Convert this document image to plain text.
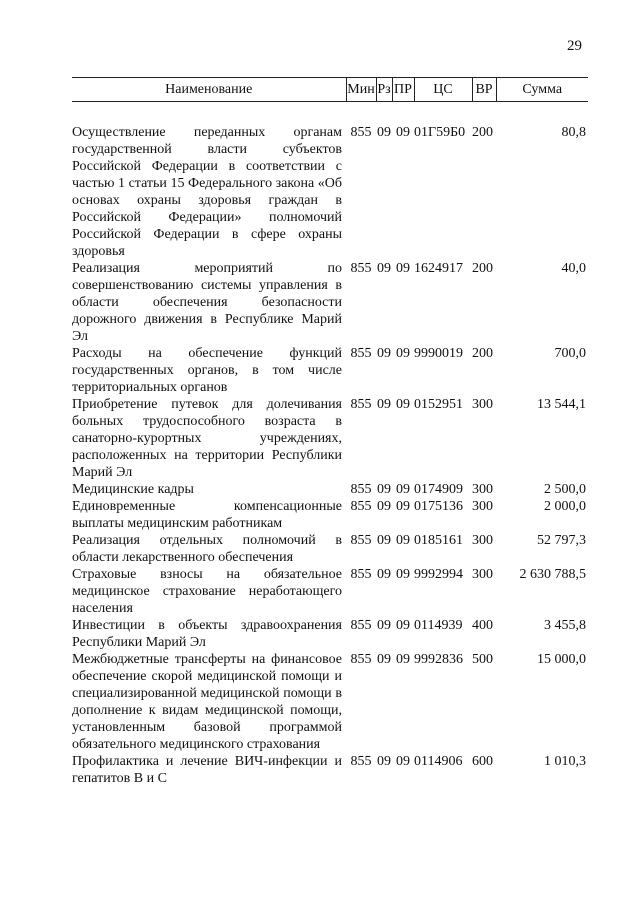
29
Наименование	Мин	Рз	ПР	ЦС	ВР	Сумма

Осуществление переданных органам государственной власти субъектов Российской Федерации в соответствии с частью 1 статьи 15 Федерального закона «Об основах охраны здоровья граждан в Российской Федерации» полномочий Российской Федерации в сфере охраны здоровья	855	09	09	01Г59Б0	200	80,8
Реализация мероприятий по совершенствованию системы управления в области обеспечения безопасности дорожного движения в Республике Марий Эл	855	09	09	1624917	200	40,0
Расходы на обеспечение функций государственных органов, в том числе территориальных органов	855	09	09	9990019	200	700,0
Приобретение путевок для долечивания больных трудоспособного возраста в санаторно-курортных учреждениях, расположенных на территории Республики Марий Эл	855	09	09	0152951	300	13 544,1
Медицинские кадры	855	09	09	0174909	300	2 500,0
Единовременные компенсационные выплаты медицинским работникам	855	09	09	0175136	300	2 000,0
Реализация отдельных полномочий в области лекарственного обеспечения	855	09	09	0185161	300	52 797,3
Страховые взносы на обязательное медицинское страхование неработающего населения	855	09	09	9992994	300	2 630 788,5
Инвестиции в объекты здравоохранения Республики Марий Эл	855	09	09	0114939	400	3 455,8
Межбюджетные трансферты на финансовое обеспечение скорой медицинской помощи и специализированной медицинской помощи в дополнение к видам медицинской помощи, установленным базовой программой обязательного медицинского страхования	855	09	09	9992836	500	15 000,0
Профилактика и лечение ВИЧ-инфекции и гепатитов В и С	855	09	09	0114906	600	1 010,3
